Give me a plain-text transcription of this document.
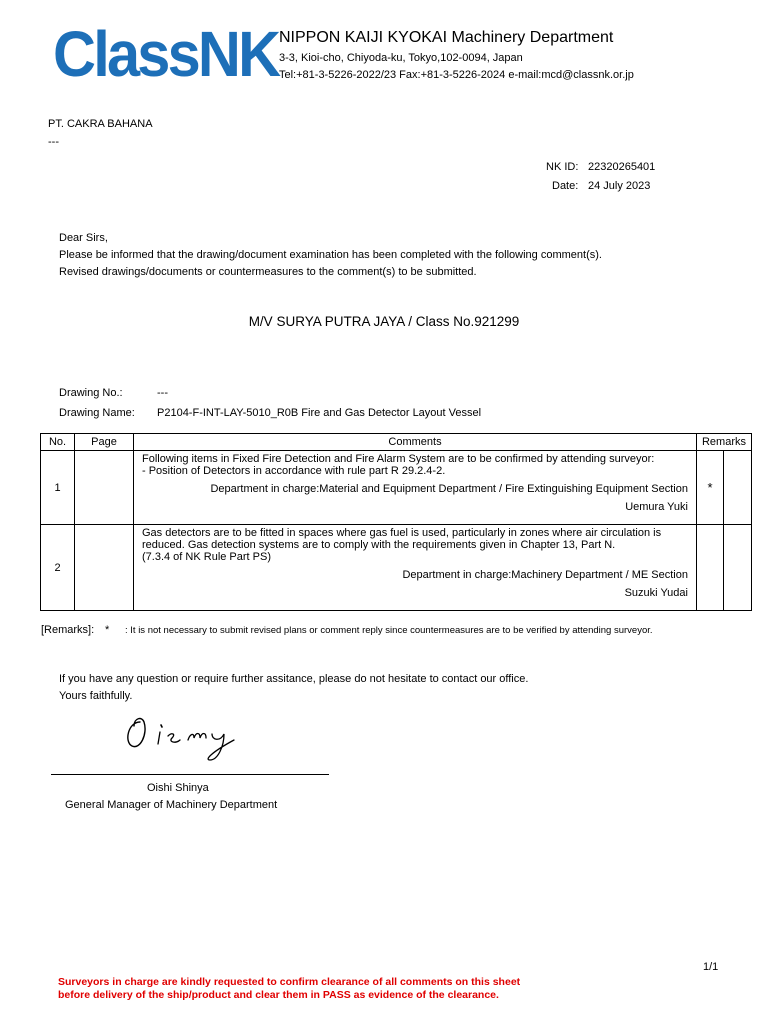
ClassNK NIPPON KAIJI KYOKAI Machinery Department
3-3, Kioi-cho, Chiyoda-ku, Tokyo,102-0094, Japan
Tel:+81-3-5226-2022/23 Fax:+81-3-5226-2024 e-mail:mcd@classnk.or.jp
PT. CAKRA BAHANA
---
NK ID: 22320265401
Date: 24 July 2023
Dear Sirs,
Please be informed that the drawing/document examination has been completed with the following comment(s).
Revised drawings/documents or countermeasures to the comment(s) to be submitted.
M/V SURYA PUTRA JAYA / Class No.921299
Drawing No.:	---
Drawing Name: P2104-F-INT-LAY-5010_R0B Fire and Gas Detector Layout Vessel
No.	Page	Comments	Remarks	
1		Following items in Fixed Fire Detection and Fire Alarm System are to be confirmed by attending surveyor:
- Position of Detectors in accordance with rule part R 29.2.4-2.
Department in charge:Material and Equipment Department / Fire Extinguishing Equipment Section
Uemura Yuki	*	
2		Gas detectors are to be fitted in spaces where gas fuel is used, particularly in zones where air circulation is reduced. Gas detection systems are to comply with the requirements given in Chapter 13, Part N.
(7.3.4 of NK Rule Part PS)
Department in charge:Machinery Department / ME Section
Suzuki Yudai		

[Remarks]: * : It is not necessary to submit revised plans or comment reply since countermeasures are to be verified by attending surveyor.
If you have any question or require further assitance, please do not hesitate to contact our office.
Yours faithfully.
Oishi Shinya
General Manager of Machinery Department
1/1
Surveyors in charge are kindly requested to confirm clearance of all comments on this sheet
before delivery of the ship/product and clear them in PASS as evidence of the clearance.
